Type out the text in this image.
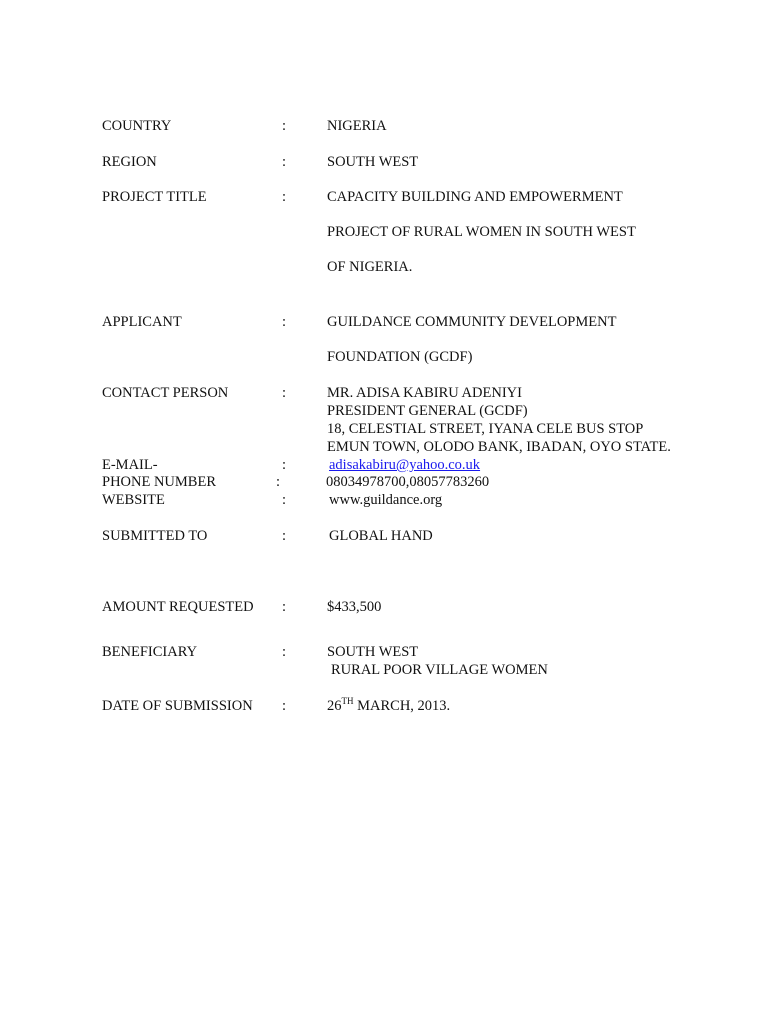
COUNTRY	:	NIGERIA
REGION	:	SOUTH WEST
PROJECT TITLE	:	CAPACITY BUILDING AND EMPOWERMENT
PROJECT OF RURAL WOMEN IN SOUTH WEST
OF NIGERIA.
APPLICANT	:	GUILDANCE COMMUNITY DEVELOPMENT
FOUNDATION (GCDF)
CONTACT PERSON	:	MR. ADISA KABIRU ADENIYI
PRESIDENT GENERAL (GCDF)
18, CELESTIAL STREET, IYANA CELE BUS STOP
EMUN TOWN, OLODO BANK, IBADAN, OYO STATE.
E-MAIL-	:	adisakabiru@yahoo.co.uk
PHONE NUMBER	:	08034978700,08057783260
WEBSITE	:	www.guildance.org
SUBMITTED TO	:	GLOBAL HAND
AMOUNT REQUESTED :	$433,500
BENEFICIARY	:	SOUTH WEST
RURAL POOR VILLAGE WOMEN
DATE OF SUBMISSION :	26TH MARCH, 2013.
